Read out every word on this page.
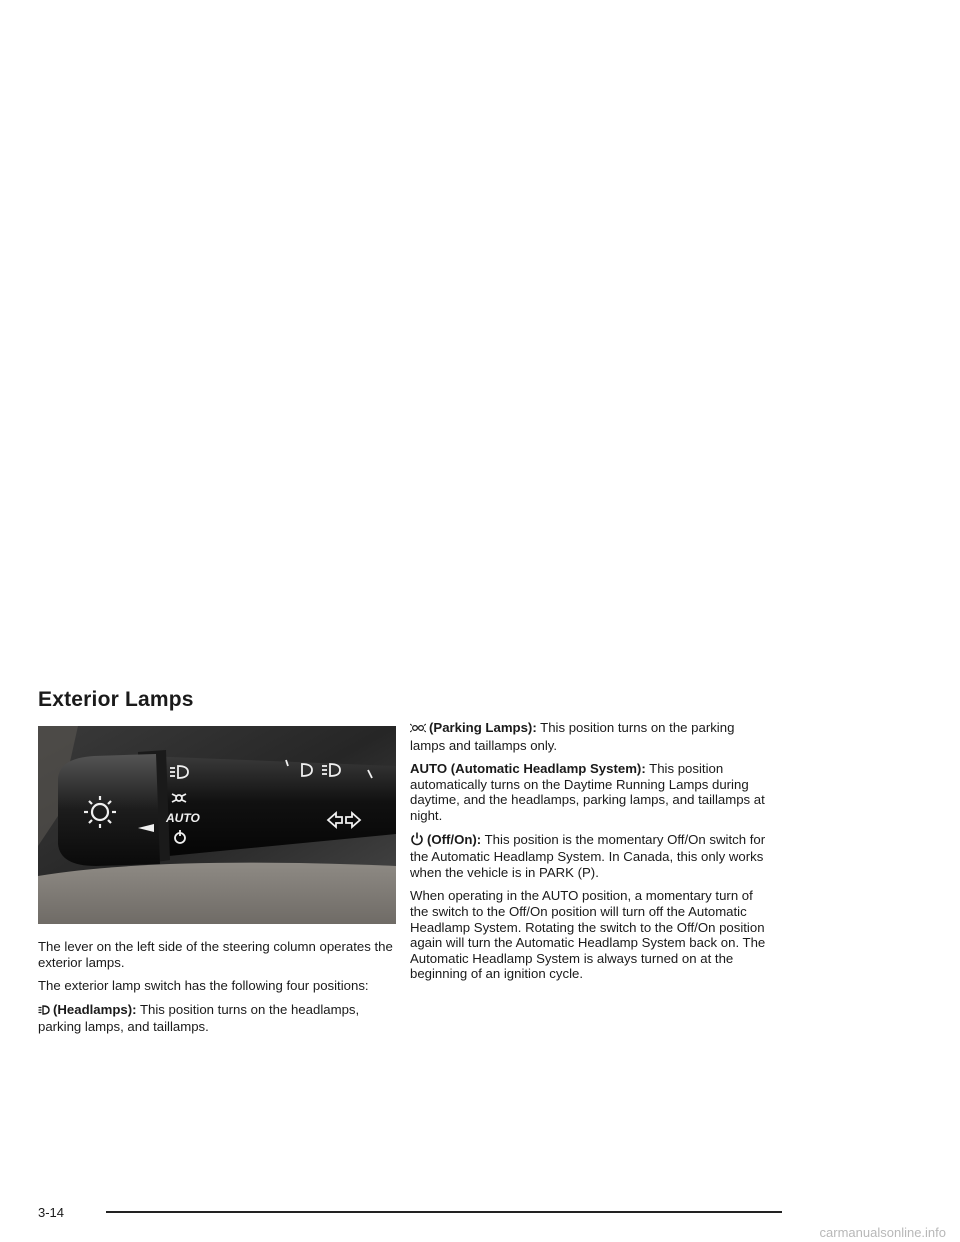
Exterior Lamps
AUTO

The lever on the left side of the steering column operates the exterior lamps.

The exterior lamp switch has the following four positions:

(Headlamps): This position turns on the headlamps, parking lamps, and taillamps.

(Parking Lamps): This position turns on the parking lamps and taillamps only.

AUTO (Automatic Headlamp System): This position automatically turns on the Daytime Running Lamps during daytime, and the headlamps, parking lamps, and taillamps at night.

(Off/On): This position is the momentary Off/On switch for the Automatic Headlamp System. In Canada, this only works when the vehicle is in PARK (P).

When operating in the AUTO position, a momentary turn of the switch to the Off/On position will turn off the Automatic Headlamp System. Rotating the switch to the Off/On position again will turn the Automatic Headlamp System back on. The Automatic Headlamp System is always turned on at the beginning of an ignition cycle.

3-14
carmanualsonline.info
